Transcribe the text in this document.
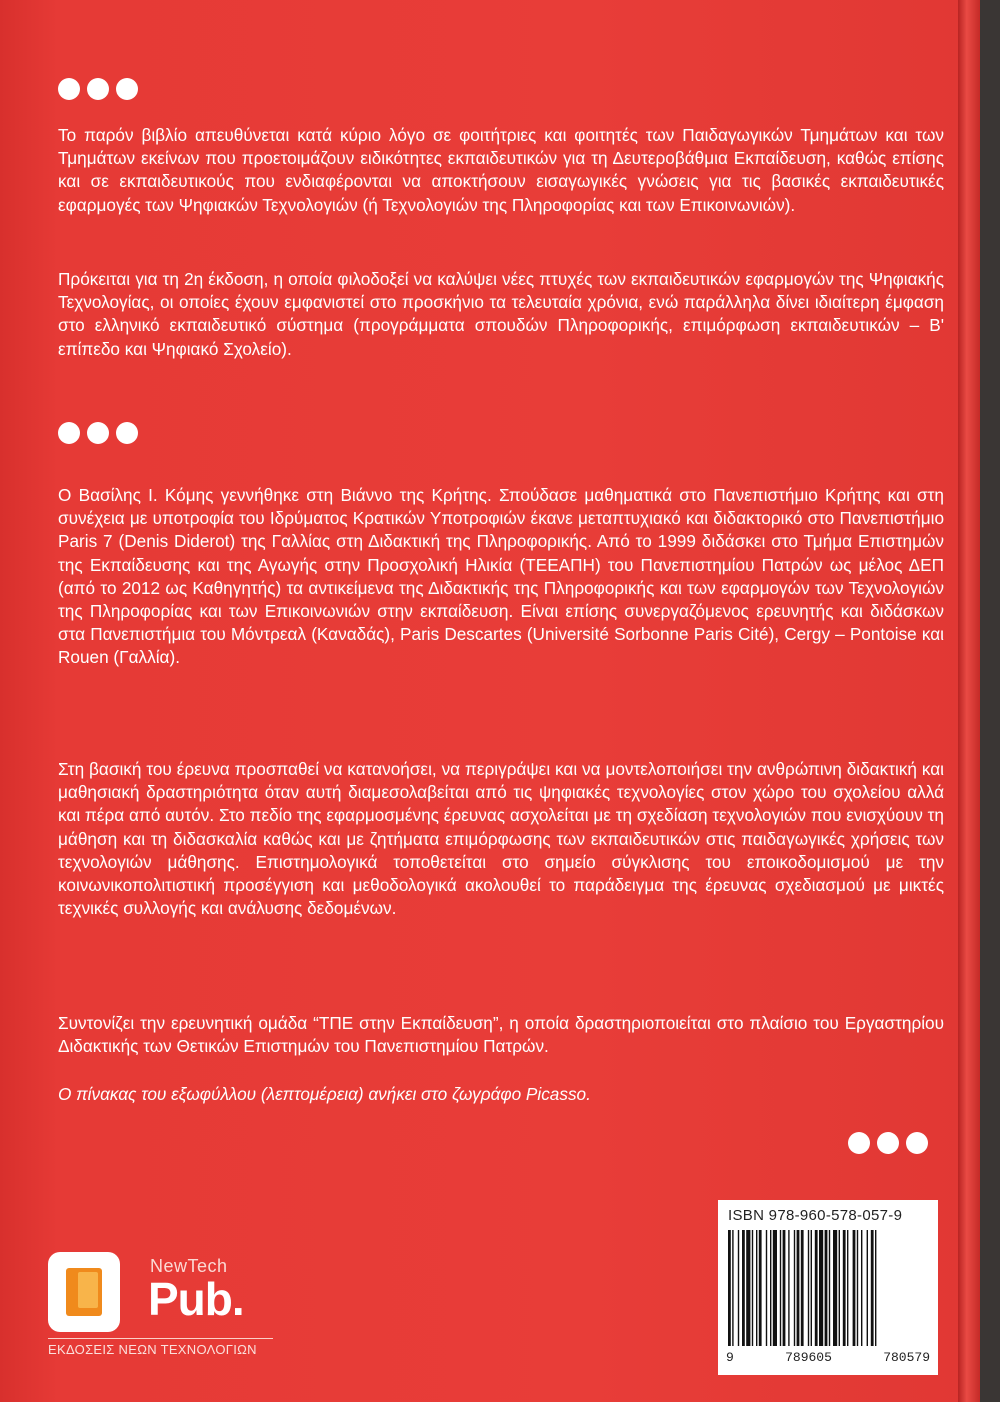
Το παρόν βιβλίο απευθύνεται κατά κύριο λόγο σε φοιτήτριες και φοιτητές των Παιδαγωγικών Τμημάτων και των Τμημάτων εκείνων που προετοιμάζουν ειδικότητες εκπαιδευτικών για τη Δευτεροβάθμια Εκπαίδευση, καθώς επίσης και σε εκπαιδευτικούς που ενδιαφέρονται να αποκτήσουν εισαγωγικές γνώσεις για τις βασικές εκπαιδευτικές εφαρμογές των Ψηφιακών Τεχνολογιών (ή Τεχνολογιών της Πληροφορίας και των Επικοινωνιών).

Πρόκειται για τη 2η έκδοση, η οποία φιλοδοξεί να καλύψει νέες πτυχές των εκπαιδευτικών εφαρμογών της Ψηφιακής Τεχνολογίας, οι οποίες έχουν εμφανιστεί στο προσκήνιο τα τελευταία χρόνια, ενώ παράλληλα δίνει ιδιαίτερη έμφαση στο ελληνικό εκπαιδευτικό σύστημα (προγράμματα σπουδών Πληροφορικής, επιμόρφωση εκπαιδευτικών – Β' επίπεδο και Ψηφιακό Σχολείο).

Ο Βασίλης Ι. Κόμης γεννήθηκε στη Βιάννο της Κρήτης. Σπούδασε μαθηματικά στο Πανεπιστήμιο Κρήτης και στη συνέχεια με υποτροφία του Ιδρύματος Κρατικών Υποτροφιών έκανε μεταπτυχιακό και διδακτορικό στο Πανεπιστήμιο Paris 7 (Denis Diderot) της Γαλλίας στη Διδακτική της Πληροφορικής. Από το 1999 διδάσκει στο Τμήμα Επιστημών της Εκπαίδευσης και της Αγωγής στην Προσχολική Ηλικία (ΤΕΕΑΠΗ) του Πανεπιστημίου Πατρών ως μέλος ΔΕΠ (από το 2012 ως Καθηγητής) τα αντικείμενα της Διδακτικής της Πληροφορικής και των εφαρμογών των Τεχνολογιών της Πληροφορίας και των Επικοινωνιών στην εκπαίδευση. Είναι επίσης συνεργαζόμενος ερευνητής και διδάσκων στα Πανεπιστήμια του Μόντρεαλ (Καναδάς), Paris Descartes (Université Sorbonne Paris Cité), Cergy – Pontoise και Rouen (Γαλλία).

Στη βασική του έρευνα προσπαθεί να κατανοήσει, να περιγράψει και να μοντελοποιήσει την ανθρώπινη διδακτική και μαθησιακή δραστηριότητα όταν αυτή διαμεσολαβείται από τις ψηφιακές τεχνολογίες στον χώρο του σχολείου αλλά και πέρα από αυτόν. Στο πεδίο της εφαρμοσμένης έρευνας ασχολείται με τη σχεδίαση τεχνολογιών που ενισχύουν τη μάθηση και τη διδασκαλία καθώς και με ζητήματα επιμόρφωσης των εκπαιδευτικών στις παιδαγωγικές χρήσεις των τεχνολογιών μάθησης. Επιστημολογικά τοποθετείται στο σημείο σύγκλισης του εποικοδομισμού με την κοινωνικοπολιτιστική προσέγγιση και μεθοδολογικά ακολουθεί το παράδειγμα της έρευνας σχεδιασμού με μικτές τεχνικές συλλογής και ανάλυσης δεδομένων.

Συντονίζει την ερευνητική ομάδα “ΤΠΕ στην Εκπαίδευση”, η οποία δραστηριοποιείται στο πλαίσιο του Εργαστηρίου Διδακτικής των Θετικών Επιστημών του Πανεπιστημίου Πατρών.

Ο πίνακας του εξωφύλλου (λεπτομέρεια) ανήκει στο ζωγράφο Picasso.

NewTech
Pub.
ΕΚΔΟΣΕΙΣ ΝΕΩΝ ΤΕΧΝΟΛΟΓΙΩΝ
ISBN 978-960-578-057-9
9	789605	780579
